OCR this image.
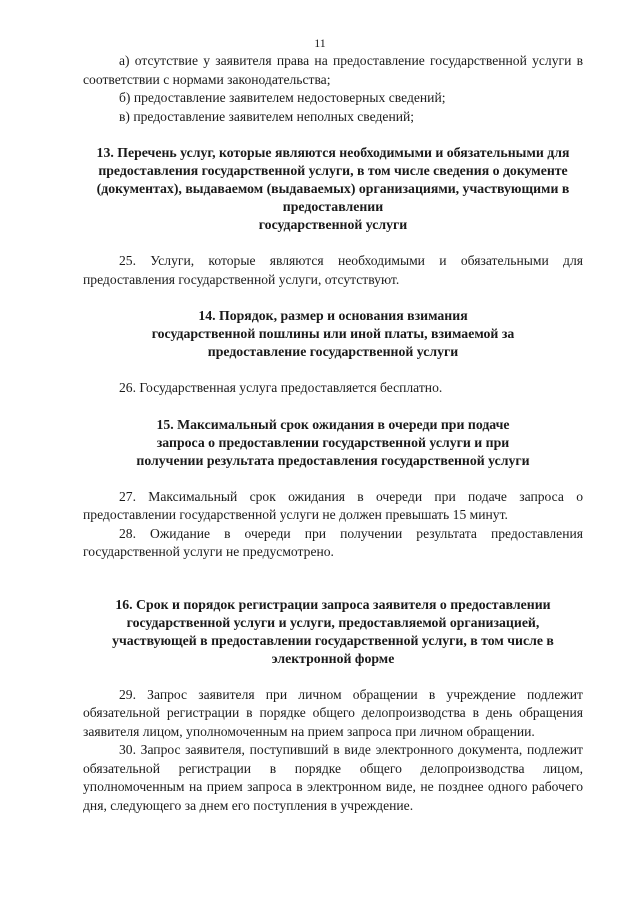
11

а) отсутствие у заявителя права на предоставление государственной услуги в соответствии с нормами законодательства;

б) предоставление заявителем недостоверных сведений;

в) предоставление заявителем неполных сведений;

13. Перечень услуг, которые являются необходимыми и обязательными для предоставления государственной услуги, в том числе сведения о документе (документах), выдаваемом (выдаваемых) организациями, участвующими в предоставлении
государственной услуги

25. Услуги, которые являются необходимыми и обязательными для предоставления государственной услуги, отсутствуют.

14. Порядок, размер и основания взимания
государственной пошлины или иной платы, взимаемой за
предоставление государственной услуги

26. Государственная услуга предоставляется бесплатно.

15. Максимальный срок ожидания в очереди при подаче
запроса о предоставлении государственной услуги и при
получении результата предоставления государственной услуги

27. Максимальный срок ожидания в очереди при подаче запроса о предоставлении государственной услуги не должен превышать 15 минут.

28. Ожидание в очереди при получении результата предоставления государственной услуги не предусмотрено.

16. Срок и порядок регистрации запроса заявителя о предоставлении государственной услуги и услуги, предоставляемой организацией, участвующей в предоставлении государственной услуги, в том числе в электронной форме

29. Запрос заявителя при личном обращении в учреждение подлежит обязательной регистрации в порядке общего делопроизводства в день обращения заявителя лицом, уполномоченным на прием запроса при личном обращении.

30. Запрос заявителя, поступивший в виде электронного документа, подлежит обязательной регистрации в порядке общего делопроизводства лицом, уполномоченным на прием запроса в электронном виде, не позднее одного рабочего дня, следующего за днем его поступления в учреждение.
